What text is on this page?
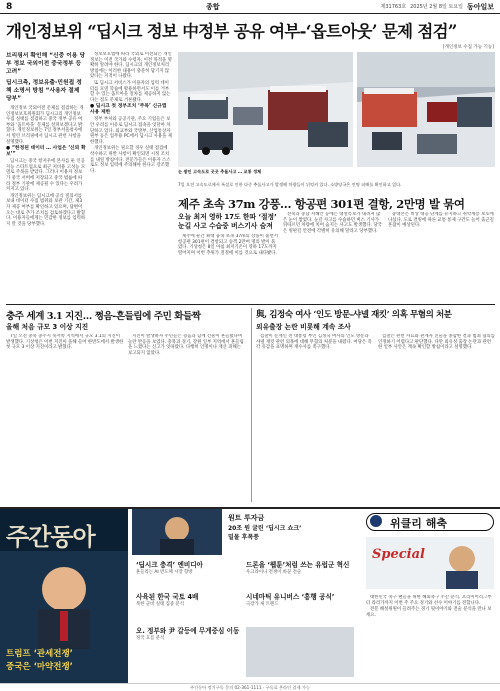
8	종합	제31763호 2025년 2월 8일 토요일 동아일보
개인정보위 “딥시크 정보 中정부 공유 여부-‘옵트아웃’ 문제 점검”
[개인정보 수집 가능 기능]
브리핑서 확인해 “신중 이용 당부 정보 국외이전 중국정부 등 고려”
딥시크측, 정보유출-민원접 정책 소명서 방침 “사용자 절제 당부”

개인정보 국외이전 문제를 점검하는 개인정보보호위원회가 딥시크의 개인정보 수집 실태를 점검하고 중국 정부 공유 여부와 ‘옵트아웃’ 문제를 살펴보겠다고 밝혔다. 개인정보위는 7일 정부서울청사에서 열린 브리핑에서 딥시크 관련 사항을 설명했다.

● “한정된 데이터 … 사업은 ‘신뢰 확보’”

딥시크는 중국 항저우에 본사를 둔 인공지능 스타트업으로 최근 저비용 고성능 모델로 주목을 받았다. 그러나 이용자 정보가 중국 서버에 저장되고 중국 법률에 따라 정부 기관에 제공될 수 있다는 우려가 커지고 있다.

개인정보위는 딥시크에 공식 질의서를 보내 데이터 수집 범위와 보관 기간, 제3자 제공 여부를 확인하고 있으며, 답변이 오는 대로 추가 조치를 검토하겠다고 밝혔다. 이용자들에게는 민감한 정보를 입력하지 말 것을 당부했다.

정보보호법에 따라 국외로 이전되는 개인정보는 이전 국가와 수령자, 이전 목적을 명확히 알려야 한다. 딥시크의 개인정보처리방침에는 이러한 내용이 충분히 담기지 않았다는 지적이 나왔다.

또 딥시크 서비스가 이용자의 입력 데이터를 모델 학습에 활용하면서도 이를 거부할 수 있는 옵트아웃 절차를 제공하지 않는다는 점도 문제로 거론됐다.

● 딥시크 첫 정부조치 ‘주목’ 신규앱 사용 제한

정부 부처와 공공기관, 주요 기업들은 보안 우려를 이유로 딥시크 접속을 잇달아 차단하고 있다. 외교부와 국방부, 산업통상자원부 등은 업무용 PC에서 딥시크 사용을 제한했다.

개인정보위는 필요할 경우 실태 점검에 착수하고 위반 사항이 확인되면 시정 조치를 내릴 방침이다. 전문가들은 이용자 스스로도 정보 입력에 주의해야 한다고 강조했다.	눈 쌓인 고속도로 곳곳 추돌사고 … 교통 정체
7일 오전 고속도로에서 폭설로 인한 다중 추돌사고가 발생해 차량들이 뒤엉켜 있다. 소방당국은 인명 피해를 확인하고 있다.
제주 초속 37m 강풍… 항공편 301편 결항, 2만명 발 묶여
오늘 최저 영하 17도 한파 ‘절정’
눈길 사고 수습중 버스기사 숨져

제주에 순간 최대 풍속 초속 37m의 강풍이 불면서 항공편 301편이 결항되고 승객 2만여 명의 발이 묶였다. 기상청은 8일 아침 최저기온이 영하 17도까지 떨어지며 이번 추위가 절정에 이를 것으로 내다봤다.

전북과 충남 서해안 등에는 대설특보가 내려져 많은 눈이 쌓였다. 눈길 사고를 수습하던 버스 기사가 뒤따르던 차량에 치여 숨지는 사고도 발생했다. 당국은 빙판길 안전에 각별히 유의해 달라고 당부했다.

중대본은 비상 대응 단계를 유지하고 취약계층 보호에 나섰다. 도로 결빙에 따른 교통 통제 구간도 늘어 출근길 혼잡이 예상된다.

충주 세계 3.1 지진… 쩡음-흔들림에 주민 화들짝
올해 처음 규모 3 이상 지진

7일 오전 충북 충주시 북서쪽 지역에서 규모 3.1의 지진이 발생했다. 기상청은 이번 지진이 올해 들어 한반도에서 발생한 첫 규모 3 이상 지진이라고 밝혔다.

지진이 발생하자 주민들은 굉음과 함께 건물이 흔들렸다며 놀란 반응을 보였다. 충북과 경기, 강원 일부 지역에서 흔들림을 느꼈다는 신고가 잇따랐다. 다행히 인명이나 재산 피해는 보고되지 않았다.

與, 김정숙 여사 ‘인도 방문-샤넬 재킷’ 의혹 무혐의 처분
외유출장 논란 비롯해 계속 조사

검찰이 문재인 전 대통령 부인 김정숙 여사의 인도 방문과 샤넬 재킷 관련 의혹에 대해 무혐의 처분을 내렸다. 여당은 즉각 유감을 표명하며 재수사를 촉구했다.

검찰은 관련 자료와 관계자 진술을 종합한 결과 범죄 혐의를 인정하기 어렵다고 판단했다. 다만 외유성 출장 논란과 관련한 일부 사안은 계속 확인할 방침이라고 설명했다.

주간동아
트럼프 ‘관세전쟁’
중국은 ‘마약전쟁’
원트 투자금
20조 원 굴린 ‘딥시크 쇼크’
밀물 후폭풍
‘딥시크 충격’ 엔비디아
흔들리는 AI 반도체 시장 향방
드론을 ‘웹툰’처럼 쓰는 유럽군 혁신
우크라이나 전쟁이 바꾼 전술
사육된 한국 국토 4배
북한 군비 실태 집중 분석
시네마틱 유니버스 ‘흥행 공식’
극장가 새 트렌드
오. 정부와 尹 갈등에 무게중심 이동
정국 흐름 분석
위클리 해축
Special

대한민국 축구 팬들을 위한 해외축구 주간 분석. 프리미어리그부터 라리가까지 이번 주 주요 경기와 선수 이야기를 전합니다.

전문 해설위원이 들려주는 경기 뒷이야기와 전술 분석을 만나 보세요.

주간동아 정기구독 문의 02-361-1111 · 구독료 온라인 결제 가능
